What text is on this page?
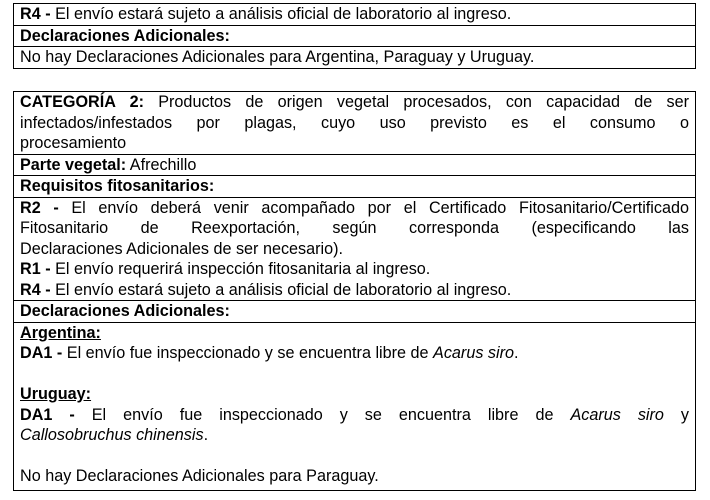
R4 - El envío estará sujeto a análisis oficial de laboratorio al ingreso.
Declaraciones Adicionales:
No hay Declaraciones Adicionales para Argentina, Paraguay y Uruguay.
CATEGORÍA 2: Productos de origen vegetal procesados, con capacidad de ser
infectados/infestados por plagas, cuyo uso previsto es el consumo o
procesamiento
Parte vegetal: Afrechillo
Requisitos fitosanitarios:
R2 - El envío deberá venir acompañado por el Certificado Fitosanitario/Certificado
Fitosanitario de Reexportación, según corresponda (especificando las
Declaraciones Adicionales de ser necesario).
R1 - El envío requerirá inspección fitosanitaria al ingreso.
R4 - El envío estará sujeto a análisis oficial de laboratorio al ingreso.
Declaraciones Adicionales:
Argentina:
DA1 - El envío fue inspeccionado y se encuentra libre de Acarus siro.
Uruguay:
DA1 - El envío fue inspeccionado y se encuentra libre de Acarus siro y
Callosobruchus chinensis.
No hay Declaraciones Adicionales para Paraguay.
